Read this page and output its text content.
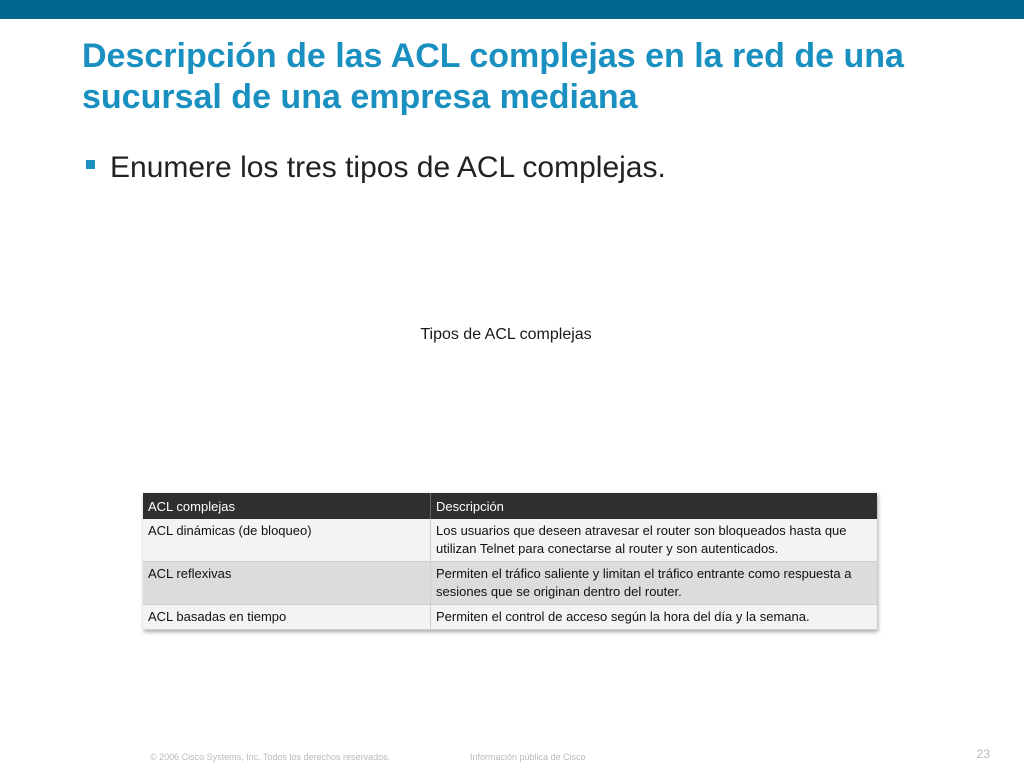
Descripción de las ACL complejas en la red de una sucursal de una empresa mediana
Enumere los tres tipos de ACL complejas.
Tipos de ACL complejas
ACL complejas	Descripción
ACL dinámicas (de bloqueo)	Los usuarios que deseen atravesar el router son bloqueados hasta que utilizan Telnet para conectarse al router y son autenticados.
ACL reflexivas	Permiten el tráfico saliente y limitan el tráfico entrante como respuesta a sesiones que se originan dentro del router.
ACL basadas en tiempo	Permiten el control de acceso según la hora del día y la semana.
© 2006 Cisco Systems, Inc. Todos los derechos reservados.	Información pública de Cisco	23
